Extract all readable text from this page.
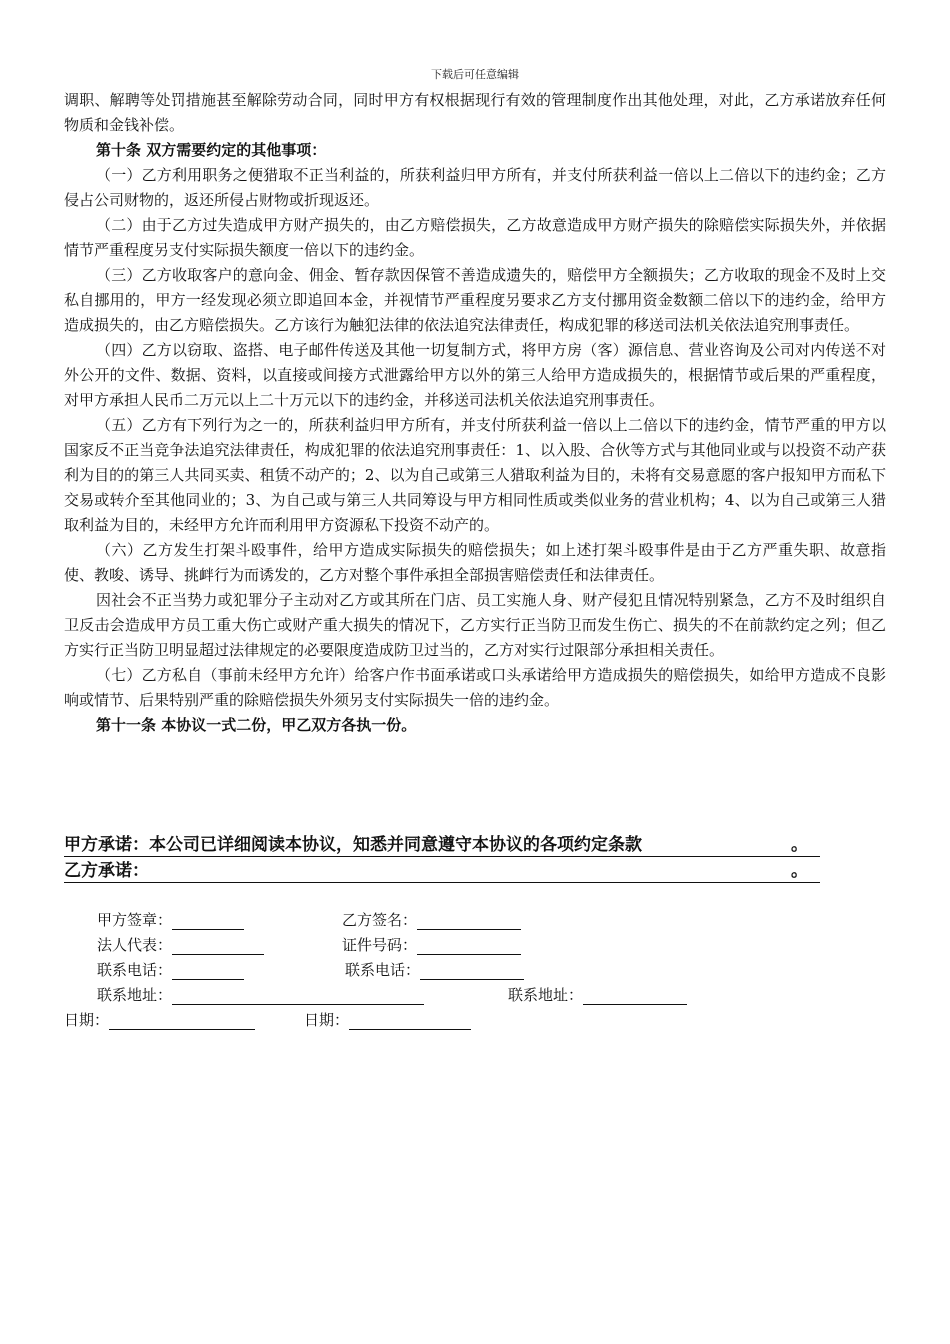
下载后可任意编辑

调职、解聘等处罚措施甚至解除劳动合同，同时甲方有权根据现行有效的管理制度作出其他处理，对此，乙方承诺放弃任何物质和金钱补偿。

第十条 双方需要约定的其他事项：

（一）乙方利用职务之便猎取不正当利益的，所获利益归甲方所有，并支付所获利益一倍以上二倍以下的违约金；乙方侵占公司财物的，返还所侵占财物或折现返还。

（二）由于乙方过失造成甲方财产损失的，由乙方赔偿损失，乙方故意造成甲方财产损失的除赔偿实际损失外，并依据情节严重程度另支付实际损失额度一倍以下的违约金。

（三）乙方收取客户的意向金、佣金、暂存款因保管不善造成遗失的，赔偿甲方全额损失；乙方收取的现金不及时上交私自挪用的，甲方一经发现必须立即追回本金，并视情节严重程度另要求乙方支付挪用资金数额二倍以下的违约金，给甲方造成损失的，由乙方赔偿损失。乙方该行为触犯法律的依法追究法律责任，构成犯罪的移送司法机关依法追究刑事责任。

（四）乙方以窃取、盗搭、电子邮件传送及其他一切复制方式，将甲方房（客）源信息、营业咨询及公司对内传送不对外公开的文件、数据、资料，以直接或间接方式泄露给甲方以外的第三人给甲方造成损失的，根据情节或后果的严重程度，对甲方承担人民币二万元以上二十万元以下的违约金，并移送司法机关依法追究刑事责任。

（五）乙方有下列行为之一的，所获利益归甲方所有，并支付所获利益一倍以上二倍以下的违约金，情节严重的甲方以国家反不正当竞争法追究法律责任，构成犯罪的依法追究刑事责任：1、以入股、合伙等方式与其他同业或与以投资不动产获利为目的的第三人共同买卖、租赁不动产的；2、以为自己或第三人猎取利益为目的，未将有交易意愿的客户报知甲方而私下交易或转介至其他同业的；3、为自己或与第三人共同筹设与甲方相同性质或类似业务的营业机构；4、以为自己或第三人猎取利益为目的，未经甲方允许而利用甲方资源私下投资不动产的。

（六）乙方发生打架斗殴事件，给甲方造成实际损失的赔偿损失；如上述打架斗殴事件是由于乙方严重失职、故意指使、教唆、诱导、挑衅行为而诱发的，乙方对整个事件承担全部损害赔偿责任和法律责任。

因社会不正当势力或犯罪分子主动对乙方或其所在门店、员工实施人身、财产侵犯且情况特别紧急，乙方不及时组织自卫反击会造成甲方员工重大伤亡或财产重大损失的情况下，乙方实行正当防卫而发生伤亡、损失的不在前款约定之列；但乙方实行正当防卫明显超过法律规定的必要限度造成防卫过当的，乙方对实行过限部分承担相关责任。

（七）乙方私自（事前未经甲方允许）给客户作书面承诺或口头承诺给甲方造成损失的赔偿损失，如给甲方造成不良影响或情节、后果特别严重的除赔偿损失外须另支付实际损失一倍的违约金。

第十一条 本协议一式二份，甲乙双方各执一份。

甲方承诺：本公司已详细阅读本协议，知悉并同意遵守本协议的各项约定条款	。
乙方承诺：	。
甲方签章：	乙方签名：
法人代表：	证件号码：
联系电话：	联系电话：
联系地址：	联系地址：
日期：	日期：
